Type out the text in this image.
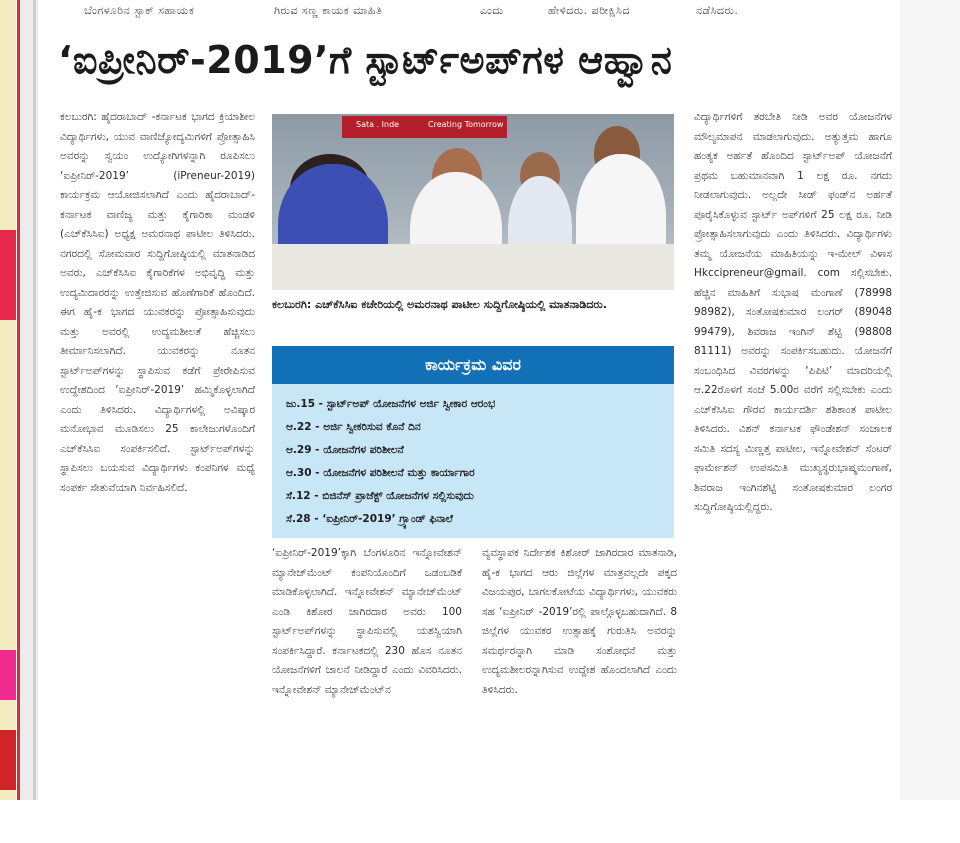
ಬೆಂಗಳೂರಿನ ಸ್ಟಾಕ್ ಸಹಾಯಕ	ಗಿರುವ ಸಣ್ಣ ಕಾಯಕ ಮಾಹಿತಿ	ಎಂದು	ಹೇಳಿದರು. ಪರೀಕ್ಷಿಸಿದ	ನಡೆಸಿದರು.
‘ಐಪ್ರೀನಿರ್-2019’ಗೆ ಸ್ಟಾರ್ಟ್‌ಅಪ್‌ಗಳ ಆಹ್ವಾನ
ಕಲಬುರಗಿ: ಹೈದರಾಬಾದ್ -ಕರ್ನಾಟಕ ಭಾಗದ ಕ್ರಿಯಾಶೀಲ ವಿದ್ಯಾರ್ಥಿಗಳು, ಯುವ ವಾಣಿಜ್ಯೋದ್ಯಮಿಗಳಿಗೆ ಪ್ರೋತ್ಸಾಹಿಸಿ ಅವರನ್ನು ಸ್ವಯಂ ಉದ್ಯೋಗಿಗಳನ್ನಾಗಿ ರೂಪಿಸಲು ‘ಐಪ್ರೀನಿರ್-2019’ (iPreneur-2019) ಕಾರ್ಯಕ್ರಮ ಆಯೋಜಿಸಲಾಗಿದೆ ಎಂದು ಹೈದರಾಬಾದ್-ಕರ್ನಾಟಕ ವಾಣಿಜ್ಯ ಮತ್ತು ಕೈಗಾರಿಕಾ ಮಂಡಳಿ (ಎಚ್‌ಕೆಸಿಸಿಐ) ಅಧ್ಯಕ್ಷ ಅಮರನಾಥ ಪಾಟೀಲ ತಿಳಿಸಿದರು. ನಗರದಲ್ಲಿ ಸೋಮವಾರ ಸುದ್ದಿಗೋಷ್ಠಿಯಲ್ಲಿ ಮಾತನಾಡಿದ ಅವರು, ಎಚ್‌ಕೆಸಿಸಿಐ ಕೈಗಾರಿಕೆಗಳ ಅಭಿವೃದ್ಧಿ ಮತ್ತು ಉದ್ಯಮಿದಾರರನ್ನು ಉತ್ತೇಜಿಸುವ ಹೊಣೆಗಾರಿಕೆ ಹೊಂದಿದೆ. ಈಗ ಹೈ-ಕ ಭಾಗದ ಯುವಕರನ್ನು ಪ್ರೋತ್ಸಾಹಿಸುವುದು ಮತ್ತು ಅವರಲ್ಲಿ ಉದ್ಯಮಶೀಲತೆ ಹೆಚ್ಚಿಸಲು ತೀರ್ಮಾನಿಸಲಾಗಿದೆ. ಯುವಕರನ್ನು ನೂತನ ಸ್ಟಾರ್ಟ್‌ಅಪ್‌ಗಳನ್ನು ಸ್ಥಾಪಿಸುವ ಕಡೆಗೆ ಪ್ರೇರೇಪಿಸುವ ಉದ್ದೇಶದಿಂದ ‘ಐಪ್ರೀನಿರ್-2019’ ಹಮ್ಮಿಕೊಳ್ಳಲಾಗಿದೆ ಎಂದು ತಿಳಿಸಿದರು. ವಿದ್ಯಾರ್ಥಿಗಳಲ್ಲಿ ಅವಿಷ್ಕಾರ ಮನೋಭಾವ ಮೂಡಿಸಲು 25 ಕಾಲೇಜುಗಳೊಂದಿಗೆ ಎಚ್‌ಕೆಸಿಸಿಐ ಸಂಪರ್ಕಿಸಲಿದೆ. ಸ್ಟಾರ್ಟ್‌ಅಪ್‌ಗಳನ್ನು ಸ್ಥಾಪಿಸಲು ಬಯಸುವ ವಿದ್ಯಾರ್ಥಿಗಳು ಕಂಪನಿಗಳ ಮಧ್ಯೆ ಸಂಪರ್ಕ ಸೇತುವೆಯಾಗಿ ನಿರ್ವಹಿಸಲಿದೆ.
Sata . Inde	Creating Tomorrow
ಕಲಬುರಗಿ: ಎಚ್‌ಕೆಸಿಸಿಐ ಕಚೇರಿಯಲ್ಲಿ ಅಮರನಾಥ ಪಾಟೀಲ ಸುದ್ದಿಗೋಷ್ಠಿಯಲ್ಲಿ ಮಾತನಾಡಿದರು.
ಕಾರ್ಯಕ್ರಮ ವಿವರ
ಜು.15 - ಸ್ಟಾರ್ಟ್‌ಅಪ್ ಯೋಜನೆಗಳ ಅರ್ಜಿ ಸ್ವೀಕಾರ ಆರಂಭ
ಆ.22 - ಅರ್ಜಿ ಸ್ವೀಕರಿಸುವ ಕೊನೆ ದಿನ
ಆ.29 - ಯೋಜನೆಗಳ ಪರಿಶೀಲನೆ
ಆ.30 - ಯೋಜನೆಗಳ ಪರಿಶೀಲನೆ ಮತ್ತು ಕಾರ್ಯಾಗಾರ
ಸೆ.12 - ಬಿಜಿನೆಸ್ ಪ್ರಾಜೆಕ್ಟ್ ಯೋಜನೆಗಳ ಸಲ್ಲಿಸುವುದು
ಸೆ.28 - ‘ಐಪ್ರೀನಿರ್-2019’ ಗ್ರ್ಯಾಂಡ್ ಫಿನಾಲೆ
‘ಐಪ್ರೀನಿರ್-2019’ಕ್ಕಾಗಿ ಬೆಂಗಳೂರಿನ ಇನ್ನೋವೇಶನ್ ಮ್ಯಾನೇಜ್‌ಮೆಂಟ್ ಕಂಪನಿಯೊಂದಿಗೆ ಒಡಂಬಡಿಕೆ ಮಾಡಿಕೊಳ್ಳಲಾಗಿದೆ. ಇನ್ನೋವೇಶನ್ ಮ್ಯಾನೇಜ್‌ಮೆಂಟ್ ಎಂಡಿ ಕಿಶೋರ ಜಾಗಿರದಾರ ಅವರು 100 ಸ್ಟಾರ್ಟ್‌ಅಪ್‌ಗಳನ್ನು ಸ್ಥಾಪಿಸುವಲ್ಲಿ ಯಶಸ್ವಿಯಾಗಿ ಸಂಪರ್ಕಿಸಿದ್ದಾರೆ. ಕರ್ನಾಟಕದಲ್ಲಿ 230 ಹೊಸ ನೂತನ ಯೋಜನೆಗಳಿಗೆ ಚಾಲನೆ ನೀಡಿದ್ದಾರೆ ಎಂದು ವಿವರಿಸಿದರು. ಇನ್ನೋವೇಶನ್ ಮ್ಯಾನೇಜ್‌ಮೆಂಟ್‌ನ
ವ್ಯವಸ್ಥಾಪಕ ನಿರ್ದೇಶಕ ಕಿಶೋರ್ ಜಾಗಿರದಾರ ಮಾತನಾಡಿ, ಹೈ-ಕ ಭಾಗದ ಆರು ಜಿಲ್ಲೆಗಳ ಮಾತ್ರವಲ್ಲದೇ ಪಕ್ಕದ ವಿಜಯಪುರ, ಬಾಗಲಕೋಟೆಯ ವಿದ್ಯಾರ್ಥಿಗಳು, ಯುವಕರು ಸಹ ‘ಐಪ್ರೀನಿರ್ -2019’ರಲ್ಲಿ ಪಾಲ್ಗೊಳ್ಳಬಹುದಾಗಿದೆ. 8 ಜಿಲ್ಲೆಗಳ ಯುವಕರ ಉತ್ಸಾಹಕ್ಕೆ ಗುರುತಿಸಿ ಅವರನ್ನು ಸಮರ್ಥರನ್ನಾಗಿ ಮಾಡಿ ಸಂಶೋಧನೆ ಮತ್ತು ಉದ್ಯಮಶೀಲರನ್ನಾಗಿಸುವ ಉದ್ದೇಶ ಹೊಂದಲಾಗಿದೆ ಎಂದು ತಿಳಿಸಿದರು.
ವಿದ್ಯಾರ್ಥಿಗಳಿಗೆ ತರಬೇತಿ ನೀಡಿ ಅವರ ಯೋಜನೆಗಳ ಮೌಲ್ಯಮಾಪನ ಮಾಡಲಾಗುವುದು. ಅತ್ಯುತ್ತಮ ಹಾಗೂ ಹಂತ್ಯಕ ಅರ್ಹತೆ ಹೊಂದಿದ ಸ್ಟಾರ್ಟ್‌ಅಪ್ ಯೋಜನೆಗೆ ಪ್ರಥಮ ಬಹುಮಾನವಾಗಿ 1 ಲಕ್ಷ ರೂ. ನಗದು ನೀಡಲಾಗುವುದು. ಅಲ್ಲದೇ ಸೀಡ್ ಫಂಡ್‌ನ ಅರ್ಹತೆ ಪೂರೈಸಿಕೊಳ್ಳುವ ಸ್ಟಾರ್ಟ್ ಅಪ್‌ಗಳಿಗೆ 25 ಲಕ್ಷ ರೂ. ನೀಡಿ ಪ್ರೋತ್ಸಾಹಿಸಲಾಗುವುದು ಎಂದು ತಿಳಿಸಿದರು. ವಿದ್ಯಾರ್ಥಿಗಳು ತಮ್ಮ ಯೋಜನೆಯ ಮಾಹಿತಿಯನ್ನು ಇ-ಮೇಲ್ ವಿಳಾಸ Hkccipreneur@gmail. com ಸಲ್ಲಿಸಬೇಕು. ಹೆಚ್ಚಿನ ಮಾಹಿತಿಗೆ ಸುಭಾಷ ಮಂಗಾಣೆ (78998 98982), ಸಂತೋಷಕುಮಾರ ಲಂಗರ್ (89048 99479), ಶಿವರಾಜ ಇಂಗಿನ್ ಶೆಟ್ಟಿ (98808 81111) ಅವರನ್ನು ಸಂಪರ್ಕಿಸಬಹುದು. ಯೋಜನೆಗೆ ಸಂಬಂಧಿಸಿದ ವಿವರಗಳನ್ನು ‘ಪಿಪಿಟಿ’ ಮಾದರಿಯಲ್ಲಿ ಆ.22ರೊಳಗೆ ಸಂಜೆ 5.00ರ ವರೆಗೆ ಸಲ್ಲಿಸಬೇಕು ಎಂದು ಎಚ್‌ಕೆಸಿಸಿಐ ಗೌರವ ಕಾರ್ಯದರ್ಶಿ ಶಶಿಕಾಂತ ಪಾಟೀಲ ತಿಳಿಸಿದರು. ವಿಶನ್ ಕರ್ನಾಟಕ ಫೌಂಡೇಶನ್ ಸಂಚಾಲಕ ಸಮಿತಿ ಸದಸ್ಯ ಮಿಣ್ಣತ್ತ ಪಾಟೀಲ, ಇನ್ನೋವೇಶನ್ ಸೆಂಟರ್ ಫಾರ್ಮೇಶನ್ ಉಪಸಮಿತಿ ಮುಖ್ಯಸ್ಥರುಭಾಷ್ಮಮಂಗಾಣೆ, ಶಿವರಾಜ ಇಂಗಿನಶೆಟ್ಟಿ ಸಂತೋಷಕುಮಾರ ಲಂಗರ ಸುದ್ದಿಗೋಷ್ಠಿಯಲ್ಲಿದ್ದರು.
